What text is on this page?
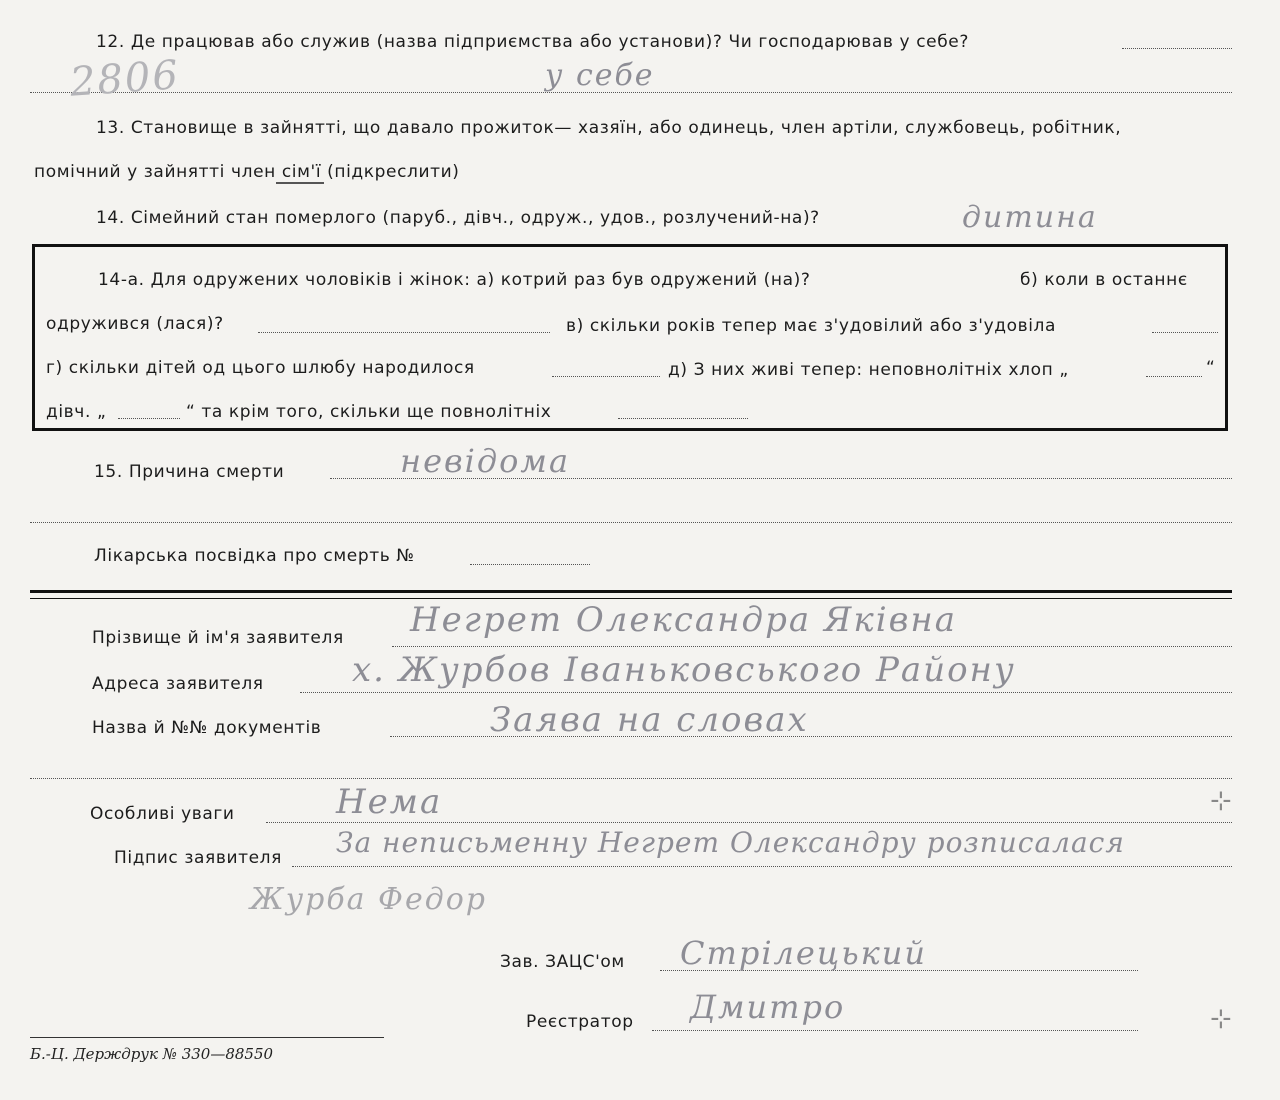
12. Де працював або служив (назва підприємства або установи)? Чи господарював у себе?
2806	у себе
13. Становище в зайнятті, що давало прожиток— хазяїн, або одинець, член артіли, службовець, робітник,
помічний у зайнятті член сім'ї (підкреслити)
14. Сімейний стан померлого (паруб., дівч., одруж., удов., розлучений-на)?	дитина
14-а. Для одружених чоловіків і жінок: а) котрий раз був одружений (на)?	б) коли в останнє
одружився (лася)?	в) скільки років тепер має з'удовілий або з'удовіла
г) скільки дітей од цього шлюбу народилося	д) З них живі тепер: неповнолітніх хлоп „	“
дівч. „	“ та крім того, скільки ще повнолітніх
15. Причина смерти	невідома
Лікарська посвідка про смерть №
Прізвище й ім'я заявителя Негрет Олександра Яківна
Адреса заявителя	х. Журбов Іваньковського Району
Назва й №№ документів	Заява на словах
Особливі уваги	Нема	⊹
Підпис заявителя За неписьменну Негрет Олександру розписалася
Журба Федор
Зав. ЗАЦС'ом Стрілецький
Реєстратор Дмитро	⊹
Б.-Ц. Держдрук № 330—88550
